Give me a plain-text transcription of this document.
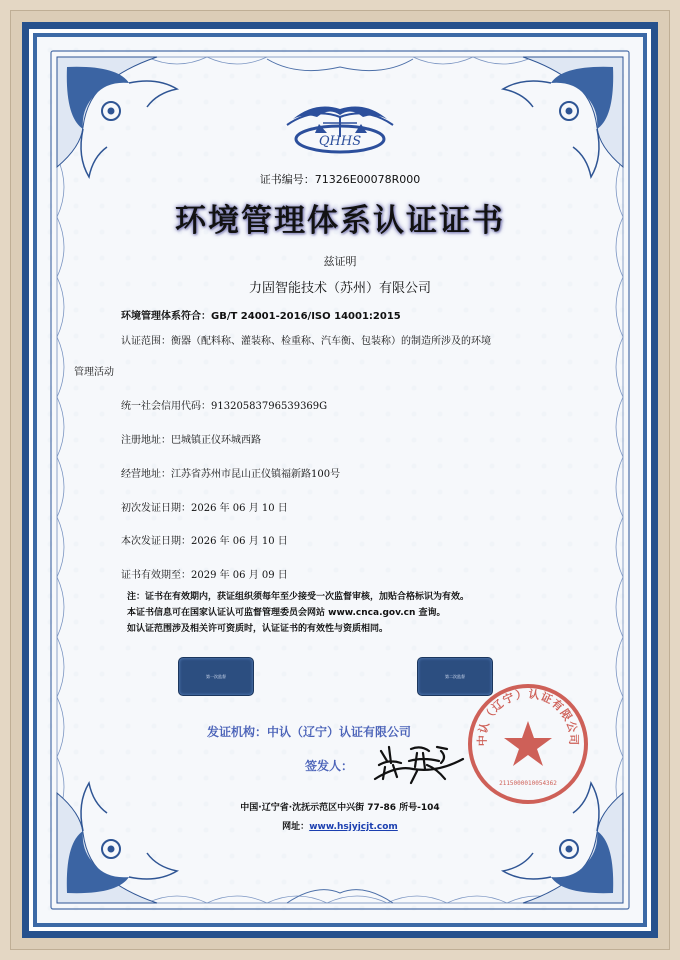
QHHS
证书编号：71326E00078R000
环境管理体系认证证书
兹证明
力固智能技术（苏州）有限公司
环境管理体系符合：GB/T 24001-2016/ISO 14001:2015
认证范围：衡器（配料称、灌装称、检重称、汽车衡、包装称）的制造所涉及的环境
管理活动
统一社会信用代码：91320583796539369G
注册地址：巴城镇正仪环城西路
经营地址：江苏省苏州市昆山正仪镇福新路100号
初次发证日期：2026 年 06 月 10 日
本次发证日期：2026 年 06 月 10 日
证书有效期至：2029 年 06 月 09 日
注：证书在有效期内，获证组织须每年至少接受一次监督审核，加贴合格标识为有效。
本证书信息可在国家认证认可监督管理委员会网站 www.cnca.gov.cn 查询。
如认证范围涉及相关许可资质时，认证证书的有效性与资质相同。
第一次监督	第二次监督
发证机构：中认（辽宁）认证有限公司
签发人：
中认（辽宁）认证有限公司
2115000010054362
中国·辽宁省·沈抚示范区中兴街 77-86 所号-104
网址：www.hsjyjcjt.com
